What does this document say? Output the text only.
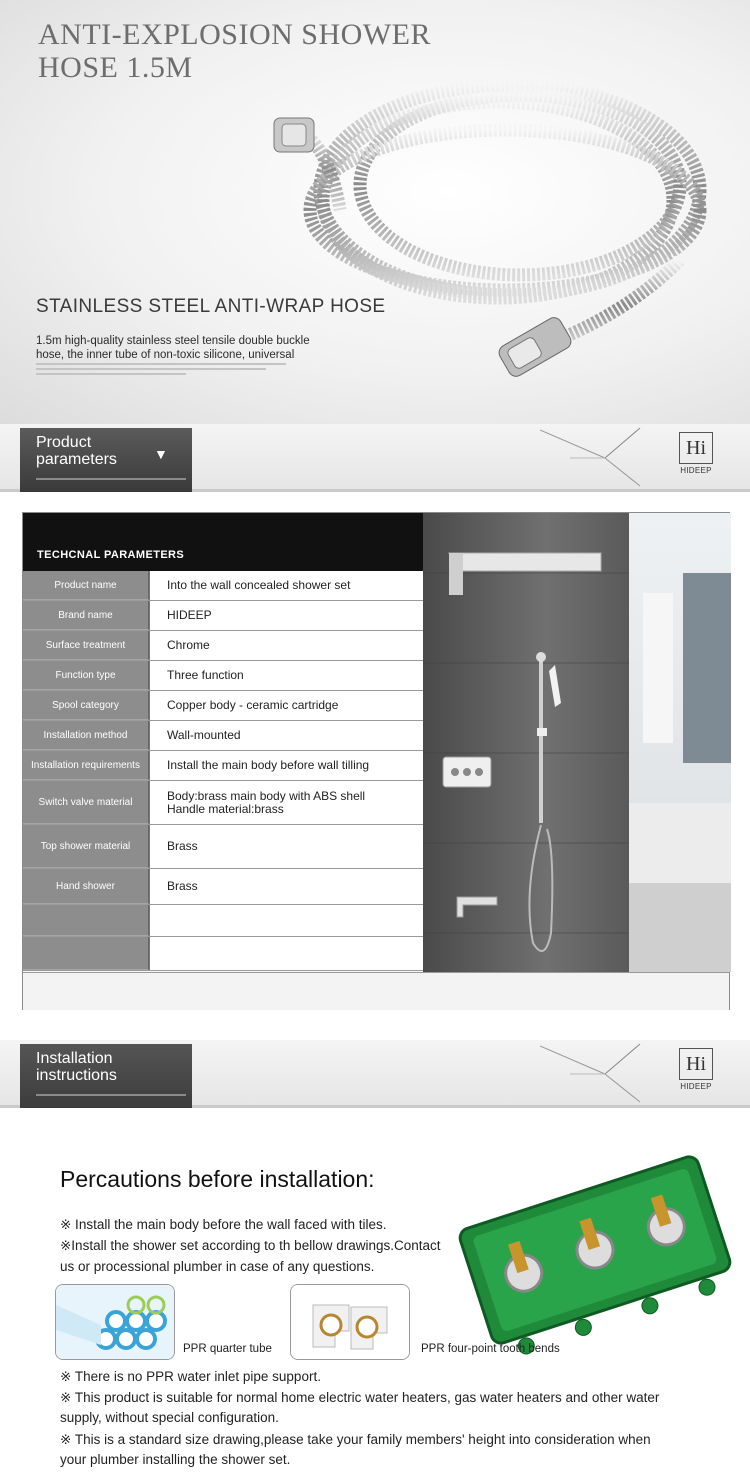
ANTI-EXPLOSION SHOWER
HOSE 1.5M
STAINLESS STEEL ANTI-WRAP HOSE
1.5m high-quality stainless steel tensile double buckle
hose, the inner tube of non-toxic silicone, universal
Product
parameters	▼	Hi
HIDEEP
TECHCNAL PARAMETERS
Product name	Into the wall concealed shower set
Brand name	HIDEEP
Surface treatment	Chrome
Function type	Three function
Spool category	Copper body - ceramic cartridge
Installation method	Wall-mounted
Installation requirements	Install the main body before wall tilling
Switch valve material	Body:brass main body with ABS shell
Handle material:brass
Top shower material	Brass
Hand shower	Brass
Installation
instructions
Hi
HIDEEP
Percautions before installation:
※ Install the main body before the wall faced with tiles.
※Install the shower set according to th bellow drawings.Contact
us or processional plumber in case of any questions.
PPR quarter tube	PPR four-point tooth bends
※ There is no PPR water inlet pipe support.
※ This product is suitable for normal home electric water heaters, gas water heaters and other water
supply, without special configuration.
※ This is a standard size drawing,please take your family members' height into consideration when
your plumber installing the shower set.
